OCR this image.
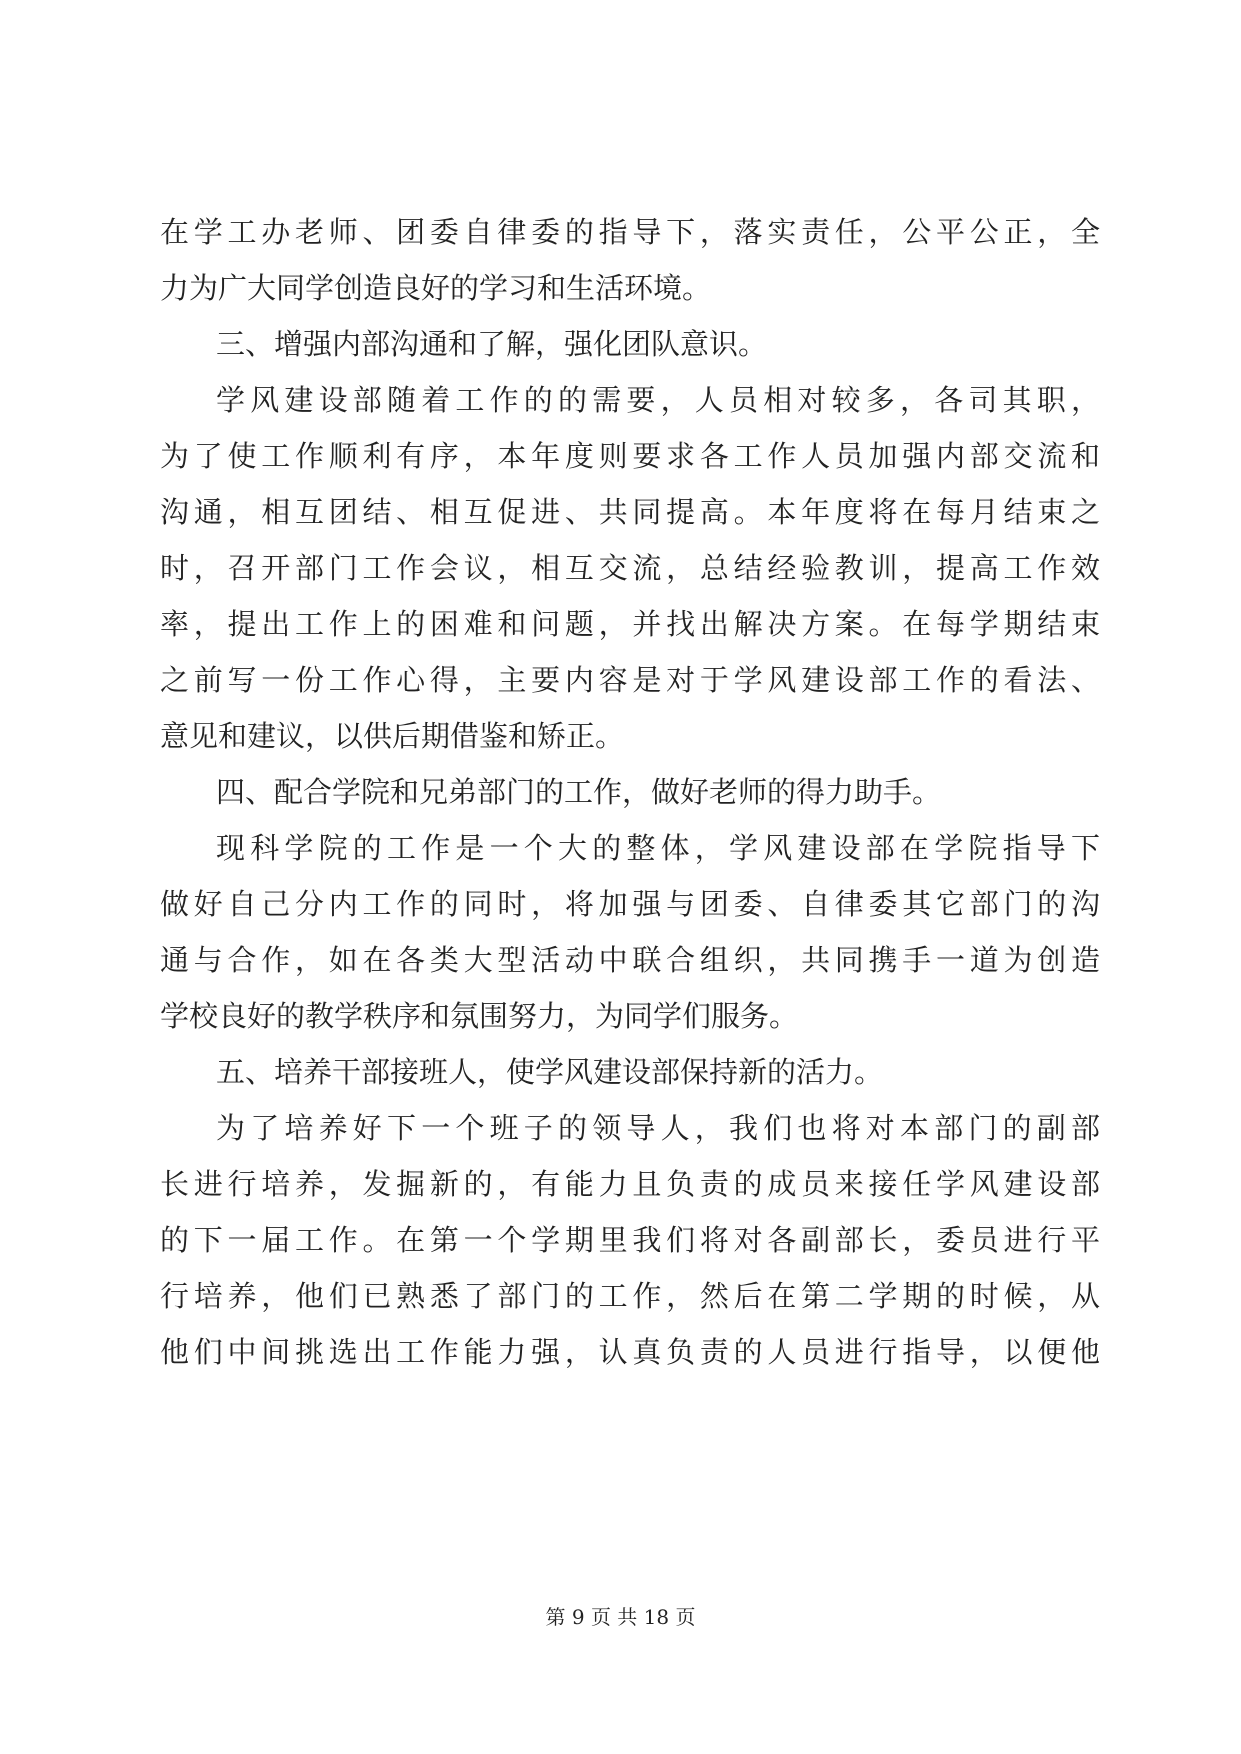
在学工办老师、团委自律委的指导下，落实责任，公平公正，全
力为广大同学创造良好的学习和生活环境。
三、增强内部沟通和了解，强化团队意识。
学风建设部随着工作的的需要，人员相对较多，各司其职，
为了使工作顺利有序，本年度则要求各工作人员加强内部交流和
沟通，相互团结、相互促进、共同提高。本年度将在每月结束之
时，召开部门工作会议，相互交流，总结经验教训，提高工作效
率，提出工作上的困难和问题，并找出解决方案。在每学期结束
之前写一份工作心得，主要内容是对于学风建设部工作的看法、
意见和建议，以供后期借鉴和矫正。
四、配合学院和兄弟部门的工作，做好老师的得力助手。
现科学院的工作是一个大的整体，学风建设部在学院指导下
做好自己分内工作的同时，将加强与团委、自律委其它部门的沟
通与合作，如在各类大型活动中联合组织，共同携手一道为创造
学校良好的教学秩序和氛围努力，为同学们服务。
五、培养干部接班人，使学风建设部保持新的活力。
为了培养好下一个班子的领导人，我们也将对本部门的副部
长进行培养，发掘新的，有能力且负责的成员来接任学风建设部
的下一届工作。在第一个学期里我们将对各副部长，委员进行平
行培养，他们已熟悉了部门的工作，然后在第二学期的时候，从
他们中间挑选出工作能力强，认真负责的人员进行指导，以便他
第 9 页 共 18 页
